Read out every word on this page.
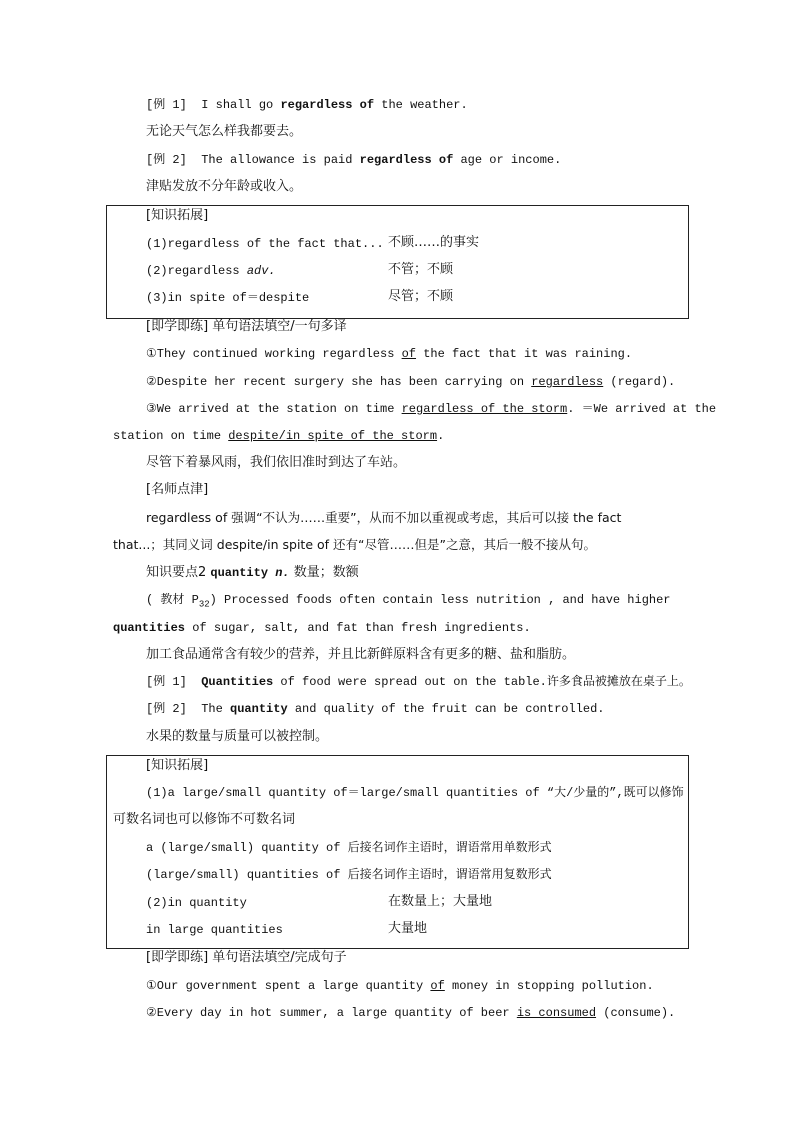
[例 1] I shall go regardless of the weather.
无论天气怎么样我都要去。
[例 2] The allowance is paid regardless of age or income.
津贴发放不分年龄或收入。
[知识拓展]
(1)regardless of the fact that... 不顾……的事实
(2)regardless adv.	不管；不顾
(3)in spite of＝despite	尽管；不顾
[即学即练] 单句语法填空/一句多译
①They continued working regardless of the fact that it was raining.
②Despite her recent surgery she has been carrying on regardless (regard).
③We arrived at the station on time regardless of the storm. ＝We arrived at the
station on time despite/in spite of the storm.
尽管下着暴风雨，我们依旧准时到达了车站。
[名师点津]
regardless of 强调“不认为……重要”，从而不加以重视或考虑，其后可以接 the fact
that...；其同义词 despite/in spite of 还有“尽管……但是”之意，其后一般不接从句。
知识要点2 quantity n. 数量；数额
( 教材 $P_{32}$) Processed foods often contain less nutrition , and have higher
quantities of sugar, salt, and fat than fresh ingredients.
加工食品通常含有较少的营养，并且比新鲜原料含有更多的糖、盐和脂肪。
[例 1] Quantities of food were spread out on the table.许多食品被摊放在桌子上。
[例 2] The quantity and quality of the fruit can be controlled.
水果的数量与质量可以被控制。
[知识拓展]
(1)a large/small quantity of＝large/small quantities of “大/少量的”,既可以修饰
可数名词也可以修饰不可数名词
a (large/small) quantity of 后接名词作主语时，谓语常用单数形式
(large/small) quantities of 后接名词作主语时，谓语常用复数形式
(2)in quantity	在数量上；大量地
in large quantities	大量地
[即学即练] 单句语法填空/完成句子
①Our government spent a large quantity of money in stopping pollution.
②Every day in hot summer, a large quantity of beer is consumed (consume).
